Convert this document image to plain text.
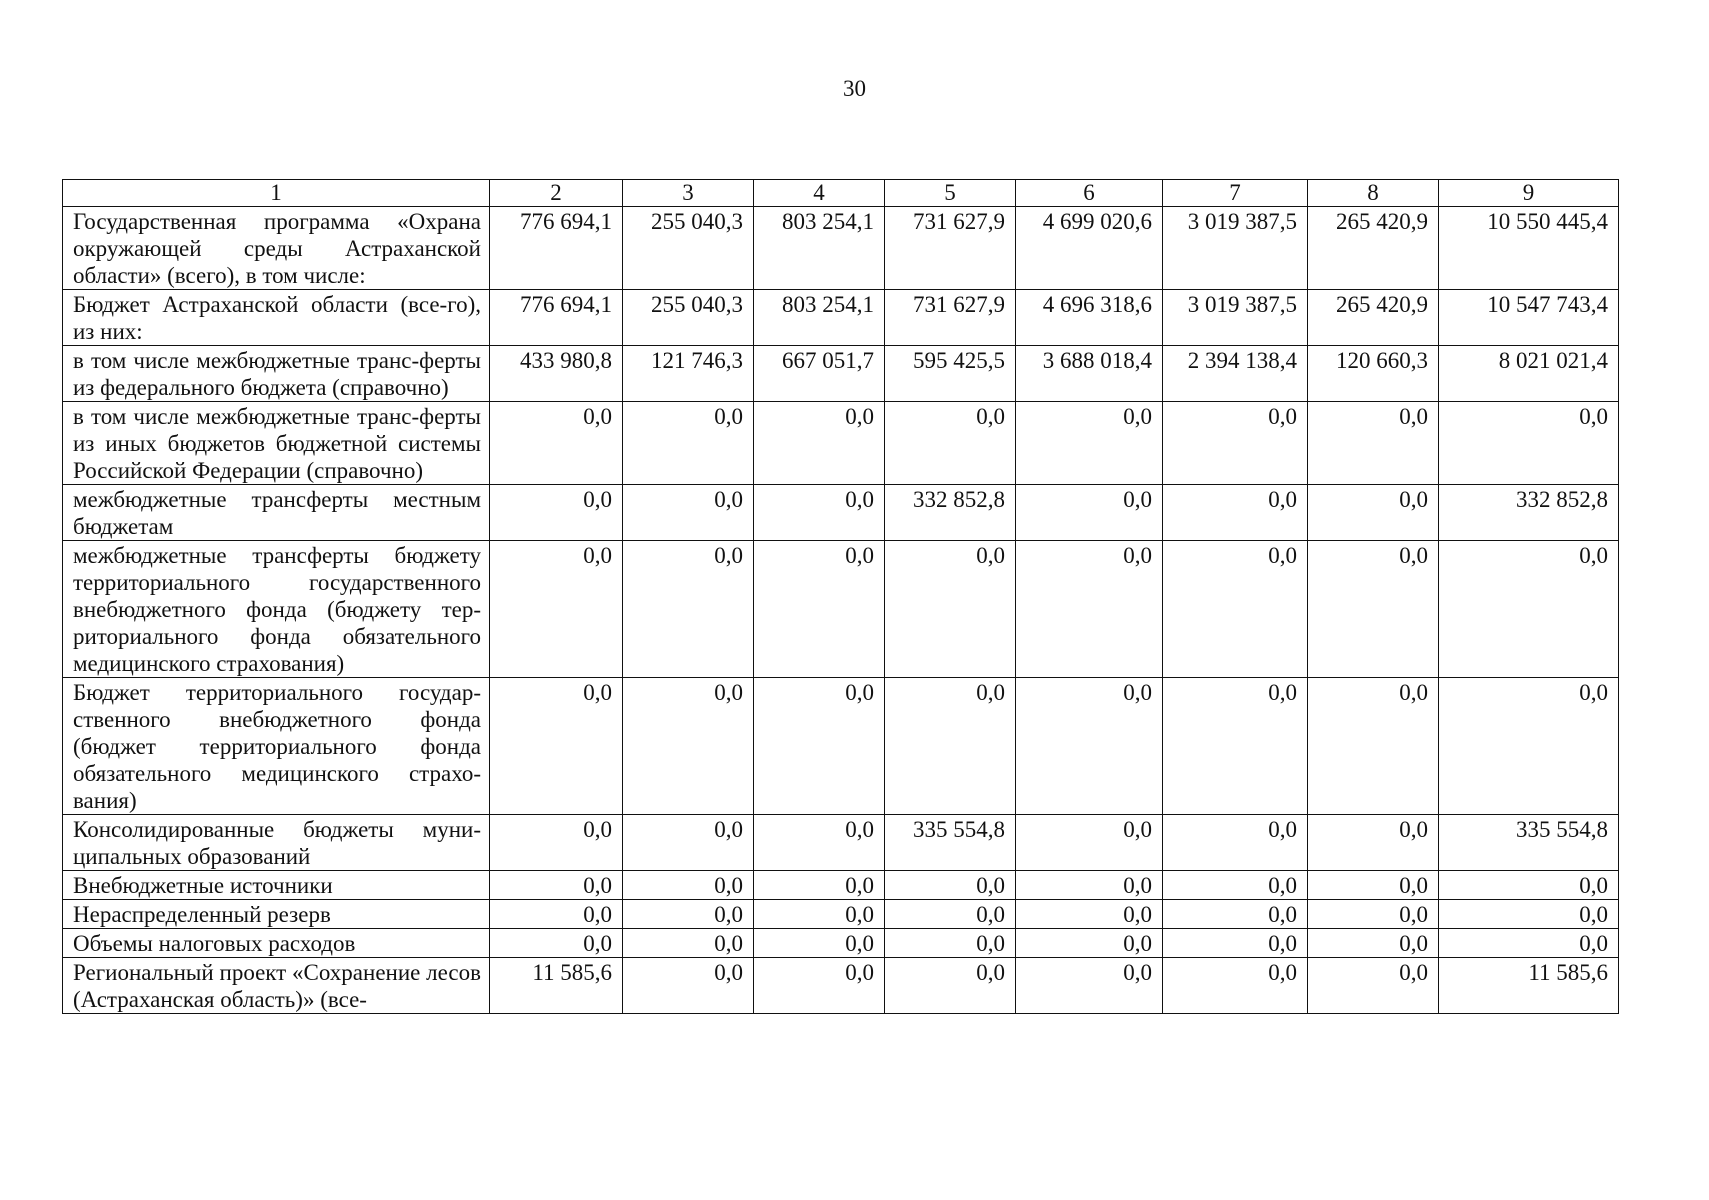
30
1	2	3	4	5	6	7	8	9
Государственная программа «Охрана окружающей среды Астраханской области» (всего), в том числе:	776 694,1	255 040,3	803 254,1	731 627,9	4 699 020,6	3 019 387,5	265 420,9	10 550 445,4
Бюджет Астраханской области (все-го), из них:	776 694,1	255 040,3	803 254,1	731 627,9	4 696 318,6	3 019 387,5	265 420,9	10 547 743,4
в том числе межбюджетные транс-ферты из федерального бюджета (справочно)	433 980,8	121 746,3	667 051,7	595 425,5	3 688 018,4	2 394 138,4	120 660,3	8 021 021,4
в том числе межбюджетные транс-ферты из иных бюджетов бюджетной системы Российской Федерации (справочно)	0,0	0,0	0,0	0,0	0,0	0,0	0,0	0,0
межбюджетные трансферты местным бюджетам	0,0	0,0	0,0	332 852,8	0,0	0,0	0,0	332 852,8
межбюджетные трансферты бюджету территориального государственного внебюджетного фонда (бюджету тер-риториального фонда обязательного медицинского страхования)	0,0	0,0	0,0	0,0	0,0	0,0	0,0	0,0
Бюджет территориального государ-ственного внебюджетного фонда (бюджет территориального фонда обязательного медицинского страхо-вания)	0,0	0,0	0,0	0,0	0,0	0,0	0,0	0,0
Консолидированные бюджеты муни-ципальных образований	0,0	0,0	0,0	335 554,8	0,0	0,0	0,0	335 554,8
Внебюджетные источники	0,0	0,0	0,0	0,0	0,0	0,0	0,0	0,0
Нераспределенный резерв	0,0	0,0	0,0	0,0	0,0	0,0	0,0	0,0
Объемы налоговых расходов	0,0	0,0	0,0	0,0	0,0	0,0	0,0	0,0
Региональный проект «Сохранение лесов (Астраханская область)» (все-	11 585,6	0,0	0,0	0,0	0,0	0,0	0,0	11 585,6
